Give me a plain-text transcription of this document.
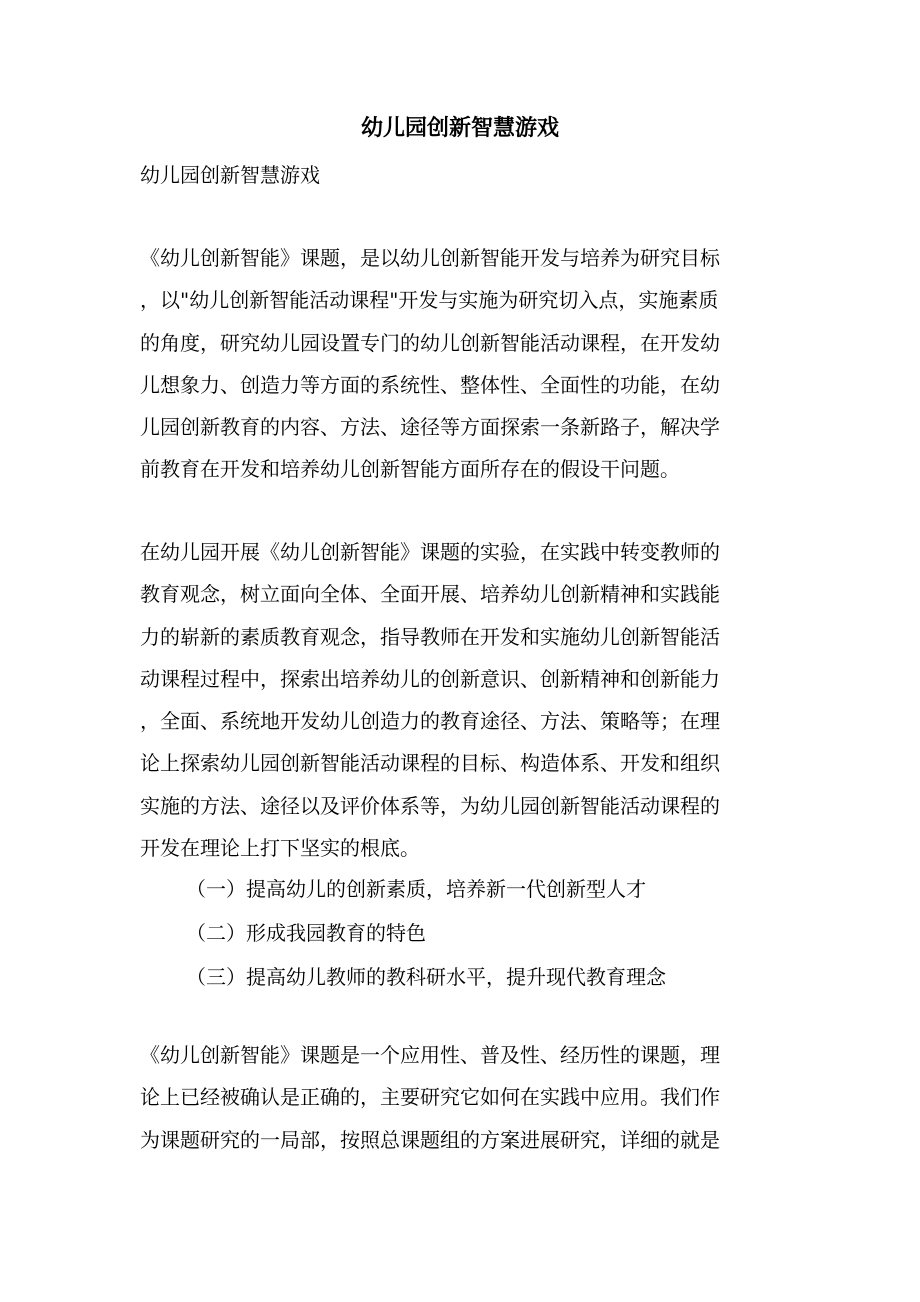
幼儿园创新智慧游戏

幼儿园创新智慧游戏

《幼儿创新智能》课题，是以幼儿创新智能开发与培养为研究目标
，以"幼儿创新智能活动课程"开发与实施为研究切入点，实施素质
的角度，研究幼儿园设置专门的幼儿创新智能活动课程，在开发幼
儿想象力、创造力等方面的系统性、整体性、全面性的功能，在幼
儿园创新教育的内容、方法、途径等方面探索一条新路子，解决学
前教育在开发和培养幼儿创新智能方面所存在的假设干问题。
在幼儿园开展《幼儿创新智能》课题的实验，在实践中转变教师的
教育观念，树立面向全体、全面开展、培养幼儿创新精神和实践能
力的崭新的素质教育观念，指导教师在开发和实施幼儿创新智能活
动课程过程中，探索出培养幼儿的创新意识、创新精神和创新能力
，全面、系统地开发幼儿创造力的教育途径、方法、策略等；在理
论上探索幼儿园创新智能活动课程的目标、构造体系、开发和组织
实施的方法、途径以及评价体系等，为幼儿园创新智能活动课程的
开发在理论上打下坚实的根底。
（一）提高幼儿的创新素质，培养新一代创新型人才
（二）形成我园教育的特色
（三）提高幼儿教师的教科研水平，提升现代教育理念
《幼儿创新智能》课题是一个应用性、普及性、经历性的课题，理
论上已经被确认是正确的，主要研究它如何在实践中应用。我们作
为课题研究的一局部，按照总课题组的方案进展研究，详细的就是
